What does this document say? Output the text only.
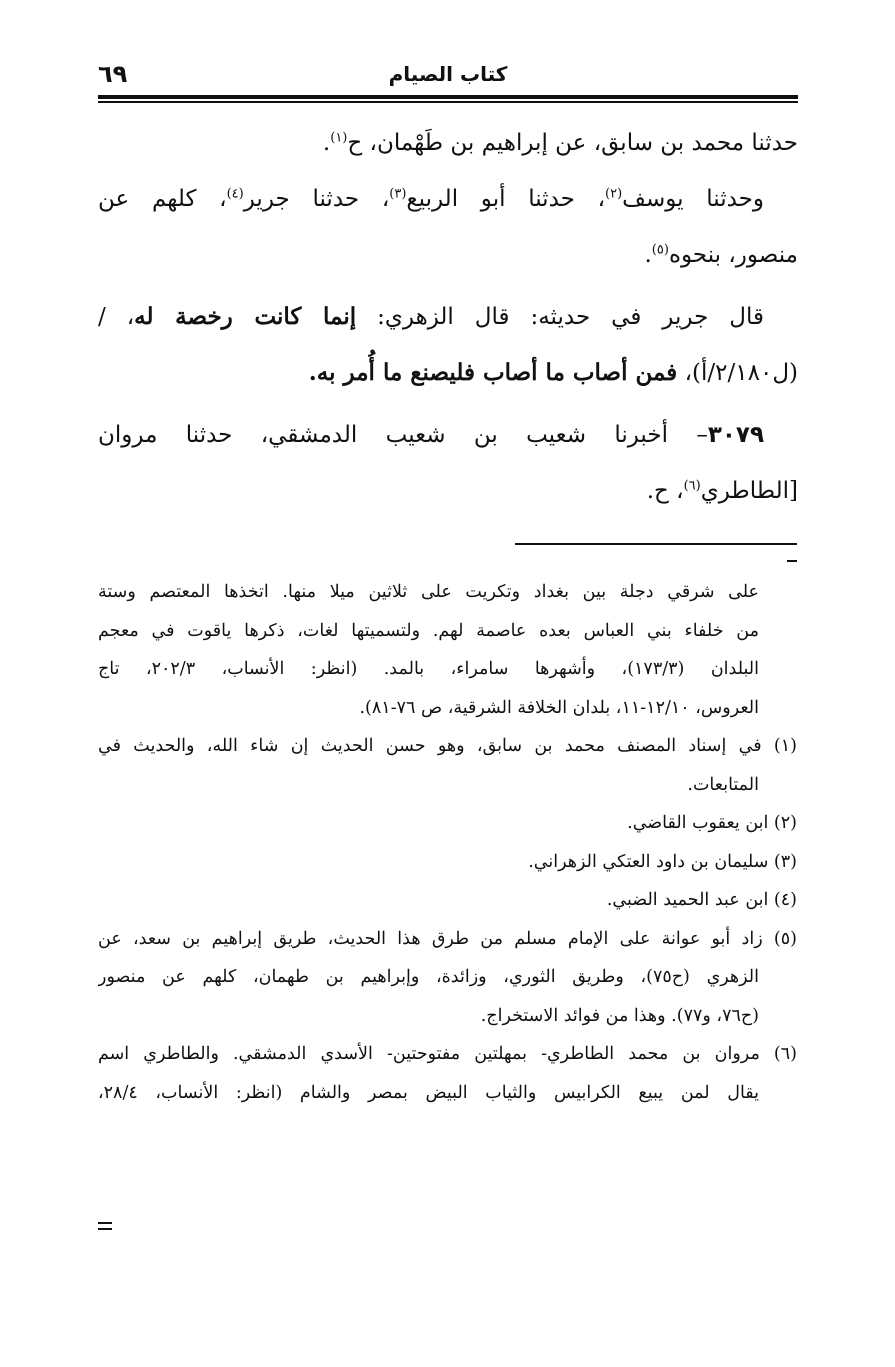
كتاب الصيام
٦٩
حدثنا محمد بن سابق، عن إبراهيم بن طَهْمان، ح$^{(١)}$.
وحدثنا يوسف$^{(٢)}$، حدثنا أبو الربيع$^{(٣)}$، حدثنا جرير$^{(٤)}$، كلهم عن
منصور، بنحوه$^{(٥)}$.
قال جرير في حديثه: قال الزهري: إنما كانت رخصة له، /
(ل٢/١٨٠/أ)، فمن أصاب ما أصاب فليصنع ما أُمر به.
٣٠٧٩– أخبرنا شعيب بن شعيب الدمشقي، حدثنا مروان
[الطاطري$^{(٦)}$، ح.
على شرقي دجلة بين بغداد وتكريت على ثلاثين ميلا منها. اتخذها المعتصم وستة
من خلفاء بني العباس بعده عاصمة لهم. ولتسميتها لغات، ذكرها ياقوت في معجم
البلدان (١٧٣/٣)، وأشهرها سامراء، بالمد. (انظر: الأنساب، ٢٠٢/٣، تاج
العروس، ١٢/١٠-١١، بلدان الخلافة الشرقية، ص ٧٦-٨١).
(١) في إسناد المصنف محمد بن سابق، وهو حسن الحديث إن شاء الله، والحديث في
المتابعات.
(٢) ابن يعقوب القاضي.
(٣) سليمان بن داود العتكي الزهراني.
(٤) ابن عبد الحميد الضبي.
(٥) زاد أبو عوانة على الإمام مسلم من طرق هذا الحديث، طريق إبراهيم بن سعد، عن
الزهري (ح٧٥)، وطريق الثوري، وزائدة، وإبراهيم بن طهمان، كلهم عن منصور
(ح٧٦، و٧٧). وهذا من فوائد الاستخراج.
(٦) مروان بن محمد الطاطري- بمهلتين مفتوحتين- الأسدي الدمشقي. والطاطري اسم
يقال لمن يبيع الكرابيس والثياب البيض بمصر والشام (انظر: الأنساب، ٢٨/٤،
